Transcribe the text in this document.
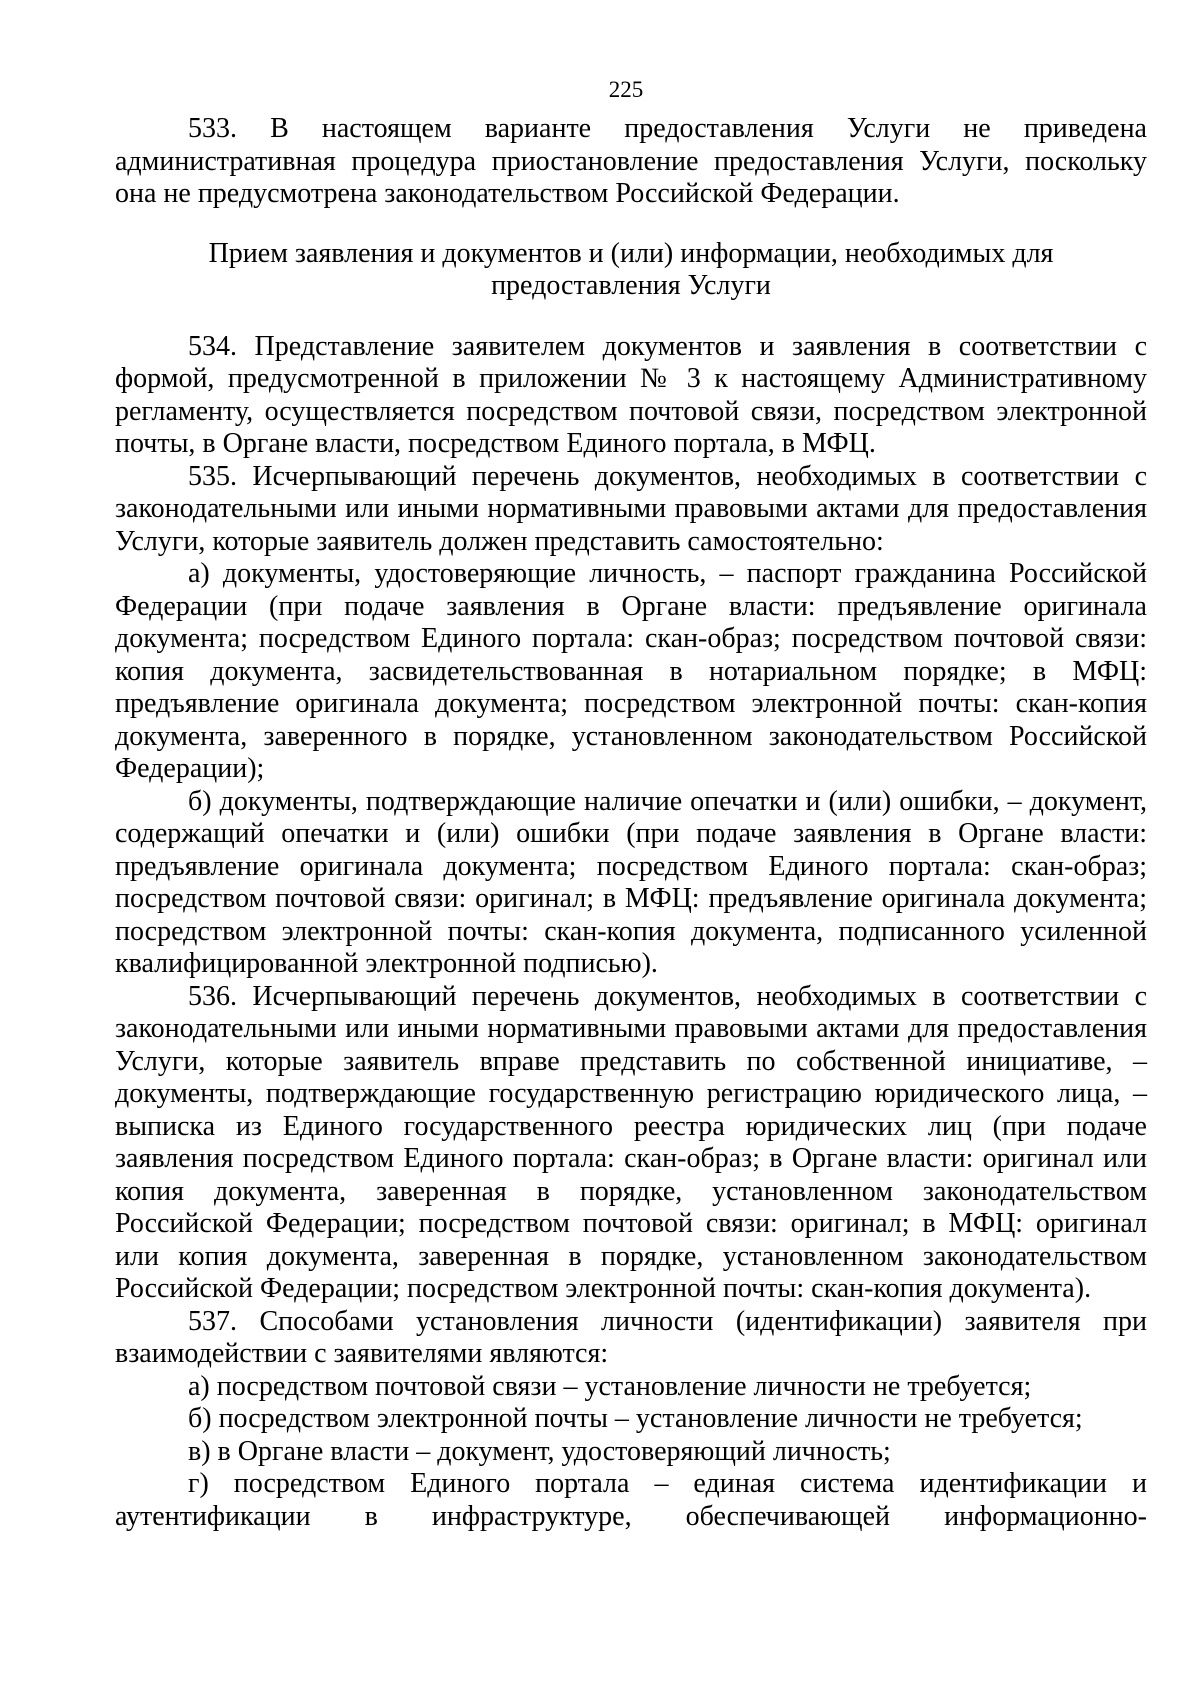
225

533. В настоящем варианте предоставления Услуги не приведена административная процедура приостановление предоставления Услуги, поскольку она не предусмотрена законодательством Российской Федерации.

Прием заявления и документов и (или) информации, необходимых для предоставления Услуги

534. Представление заявителем документов и заявления в соответствии с формой, предусмотренной в приложении № 3 к настоящему Административному регламенту, осуществляется посредством почтовой связи, посредством электронной почты, в Органе власти, посредством Единого портала, в МФЦ.

535. Исчерпывающий перечень документов, необходимых в соответствии с законодательными или иными нормативными правовыми актами для предоставления Услуги, которые заявитель должен представить самостоятельно:

а) документы, удостоверяющие личность, – паспорт гражданина Российской Федерации (при подаче заявления в Органе власти: предъявление оригинала документа; посредством Единого портала: скан-образ; посредством почтовой связи: копия документа, засвидетельствованная в нотариальном порядке; в МФЦ: предъявление оригинала документа; посредством электронной почты: скан-копия документа, заверенного в порядке, установленном законодательством Российской Федерации);

б) документы, подтверждающие наличие опечатки и (или) ошибки, – документ, содержащий опечатки и (или) ошибки (при подаче заявления в Органе власти: предъявление оригинала документа; посредством Единого портала: скан-образ; посредством почтовой связи: оригинал; в МФЦ: предъявление оригинала документа; посредством электронной почты: скан-копия документа, подписанного усиленной квалифицированной электронной подписью).

536. Исчерпывающий перечень документов, необходимых в соответствии с законодательными или иными нормативными правовыми актами для предоставления Услуги, которые заявитель вправе представить по собственной инициативе, – документы, подтверждающие государственную регистрацию юридического лица, – выписка из Единого государственного реестра юридических лиц (при подаче заявления посредством Единого портала: скан-образ; в Органе власти: оригинал или копия документа, заверенная в порядке, установленном законодательством Российской Федерации; посредством почтовой связи: оригинал; в МФЦ: оригинал или копия документа, заверенная в порядке, установленном законодательством Российской Федерации; посредством электронной почты: скан-копия документа).

537. Способами установления личности (идентификации) заявителя при взаимодействии с заявителями являются:

а) посредством почтовой связи – установление личности не требуется;

б) посредством электронной почты – установление личности не требуется;

в) в Органе власти – документ, удостоверяющий личность;

г) посредством Единого портала – единая система идентификации и аутентификации в инфраструктуре, обеспечивающей информационно-
